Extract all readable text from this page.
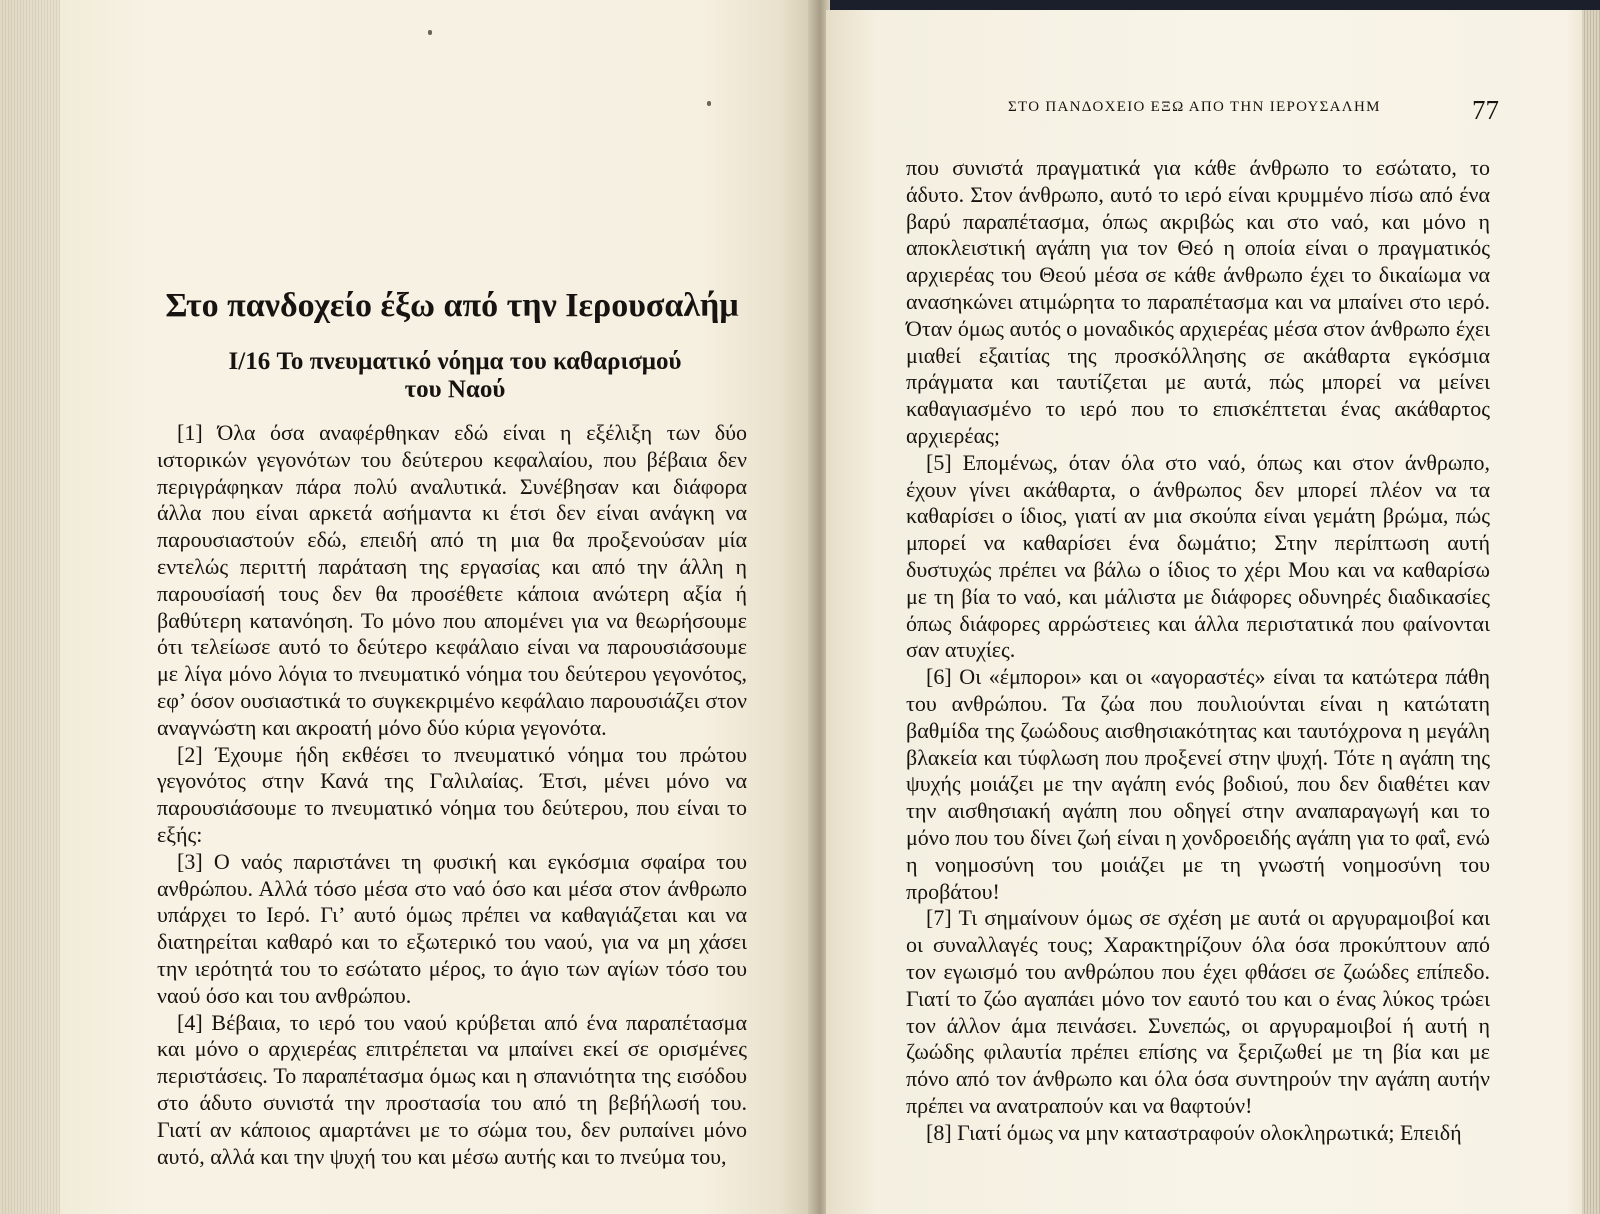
Στο πανδοχείο έξω από την Ιερουσαλήμ
I/16 Το πνευματικό νόημα του καθαρισμού
του Ναού

[1] Όλα όσα αναφέρθηκαν εδώ είναι η εξέλιξη των δύο ιστορικών γεγονότων του δεύτερου κεφαλαίου, που βέβαια δεν περιγράφηκαν πάρα πολύ αναλυτικά. Συνέβησαν και διάφορα άλλα που είναι αρκετά ασήμαντα κι έτσι δεν είναι ανάγκη να παρουσιαστούν εδώ, επειδή από τη μια θα προξενούσαν μία εντελώς περιττή παράταση της εργασίας και από την άλλη η παρουσίασή τους δεν θα προσέθετε κάποια ανώτερη αξία ή βαθύτερη κατανόηση. Το μόνο που απομένει για να θεωρήσουμε ότι τελείωσε αυτό το δεύτερο κεφάλαιο είναι να παρουσιάσουμε με λίγα μόνο λόγια το πνευματικό νόημα του δεύτερου γεγονότος, εφ’ όσον ουσιαστικά το συγκεκριμένο κεφάλαιο παρουσιάζει στον αναγνώστη και ακροατή μόνο δύο κύρια γεγονότα.

[2] Έχουμε ήδη εκθέσει το πνευματικό νόημα του πρώτου γεγονότος στην Κανά της Γαλιλαίας. Έτσι, μένει μόνο να παρουσιάσουμε το πνευματικό νόημα του δεύτερου, που είναι το εξής:

[3] Ο ναός παριστάνει τη φυσική και εγκόσμια σφαίρα του ανθρώπου. Αλλά τόσο μέσα στο ναό όσο και μέσα στον άνθρωπο υπάρχει το Ιερό. Γι’ αυτό όμως πρέπει να καθαγιάζεται και να διατηρείται καθαρό και το εξωτερικό του ναού, για να μη χάσει την ιερότητά του το εσώτατο μέρος, το άγιο των αγίων τόσο του ναού όσο και του ανθρώπου.

[4] Βέβαια, το ιερό του ναού κρύβεται από ένα παραπέτασμα και μόνο ο αρχιερέας επιτρέπεται να μπαίνει εκεί σε ορισμένες περιστάσεις. Το παραπέτασμα όμως και η σπανιότητα της εισόδου στο άδυτο συνιστά την προστασία του από τη βεβήλωσή του. Γιατί αν κάποιος αμαρτάνει με το σώμα του, δεν ρυπαίνει μόνο αυτό, αλλά και την ψυχή του και μέσω αυτής και το πνεύμα του,

ΣΤΟ ΠΑΝΔΟΧΕΙΟ ΕΞΩ ΑΠΟ ΤΗΝ ΙΕΡΟΥΣΑΛΗΜ	77

που συνιστά πραγματικά για κάθε άνθρωπο το εσώτατο, το άδυτο. Στον άνθρωπο, αυτό το ιερό είναι κρυμμένο πίσω από ένα βαρύ παραπέτασμα, όπως ακριβώς και στο ναό, και μόνο η αποκλειστική αγάπη για τον Θεό η οποία είναι ο πραγματικός αρχιερέας του Θεού μέσα σε κάθε άνθρωπο έχει το δικαίωμα να ανασηκώνει ατιμώρητα το παραπέτασμα και να μπαίνει στο ιερό. Όταν όμως αυτός ο μοναδικός αρχιερέας μέσα στον άνθρωπο έχει μιαθεί εξαιτίας της προσκόλλησης σε ακάθαρτα εγκόσμια πράγματα και ταυτίζεται με αυτά, πώς μπορεί να μείνει καθαγιασμένο το ιερό που το επισκέπτεται ένας ακάθαρτος αρχιερέας;

[5] Επομένως, όταν όλα στο ναό, όπως και στον άνθρωπο, έχουν γίνει ακάθαρτα, ο άνθρωπος δεν μπορεί πλέον να τα καθαρίσει ο ίδιος, γιατί αν μια σκούπα είναι γεμάτη βρώμα, πώς μπορεί να καθαρίσει ένα δωμάτιο; Στην περίπτωση αυτή δυστυχώς πρέπει να βάλω ο ίδιος το χέρι Μου και να καθαρίσω με τη βία το ναό, και μάλιστα με διάφορες οδυνηρές διαδικασίες όπως διάφορες αρρώστειες και άλλα περιστατικά που φαίνονται σαν ατυχίες.

[6] Οι «έμποροι» και οι «αγοραστές» είναι τα κατώτερα πάθη του ανθρώπου. Τα ζώα που πουλιούνται είναι η κατώτατη βαθμίδα της ζωώδους αισθησιακότητας και ταυτόχρονα η μεγάλη βλακεία και τύφλωση που προξενεί στην ψυχή. Τότε η αγάπη της ψυχής μοιάζει με την αγάπη ενός βοδιού, που δεν διαθέτει καν την αισθησιακή αγάπη που οδηγεί στην αναπαραγωγή και το μόνο που του δίνει ζωή είναι η χονδροειδής αγάπη για το φαΐ, ενώ η νοημοσύνη του μοιάζει με τη γνωστή νοημοσύνη του προβάτου!

[7] Τι σημαίνουν όμως σε σχέση με αυτά οι αργυραμοιβοί και οι συναλλαγές τους; Χαρακτηρίζουν όλα όσα προκύπτουν από τον εγωισμό του ανθρώπου που έχει φθάσει σε ζωώδες επίπεδο. Γιατί το ζώο αγαπάει μόνο τον εαυτό του και ο ένας λύκος τρώει τον άλλον άμα πεινάσει. Συνεπώς, οι αργυραμοιβοί ή αυτή η ζωώδης φιλαυτία πρέπει επίσης να ξεριζωθεί με τη βία και με πόνο από τον άνθρωπο και όλα όσα συντηρούν την αγάπη αυτήν πρέπει να ανατραπούν και να θαφτούν!

[8] Γιατί όμως να μην καταστραφούν ολοκληρωτικά; Επειδή
